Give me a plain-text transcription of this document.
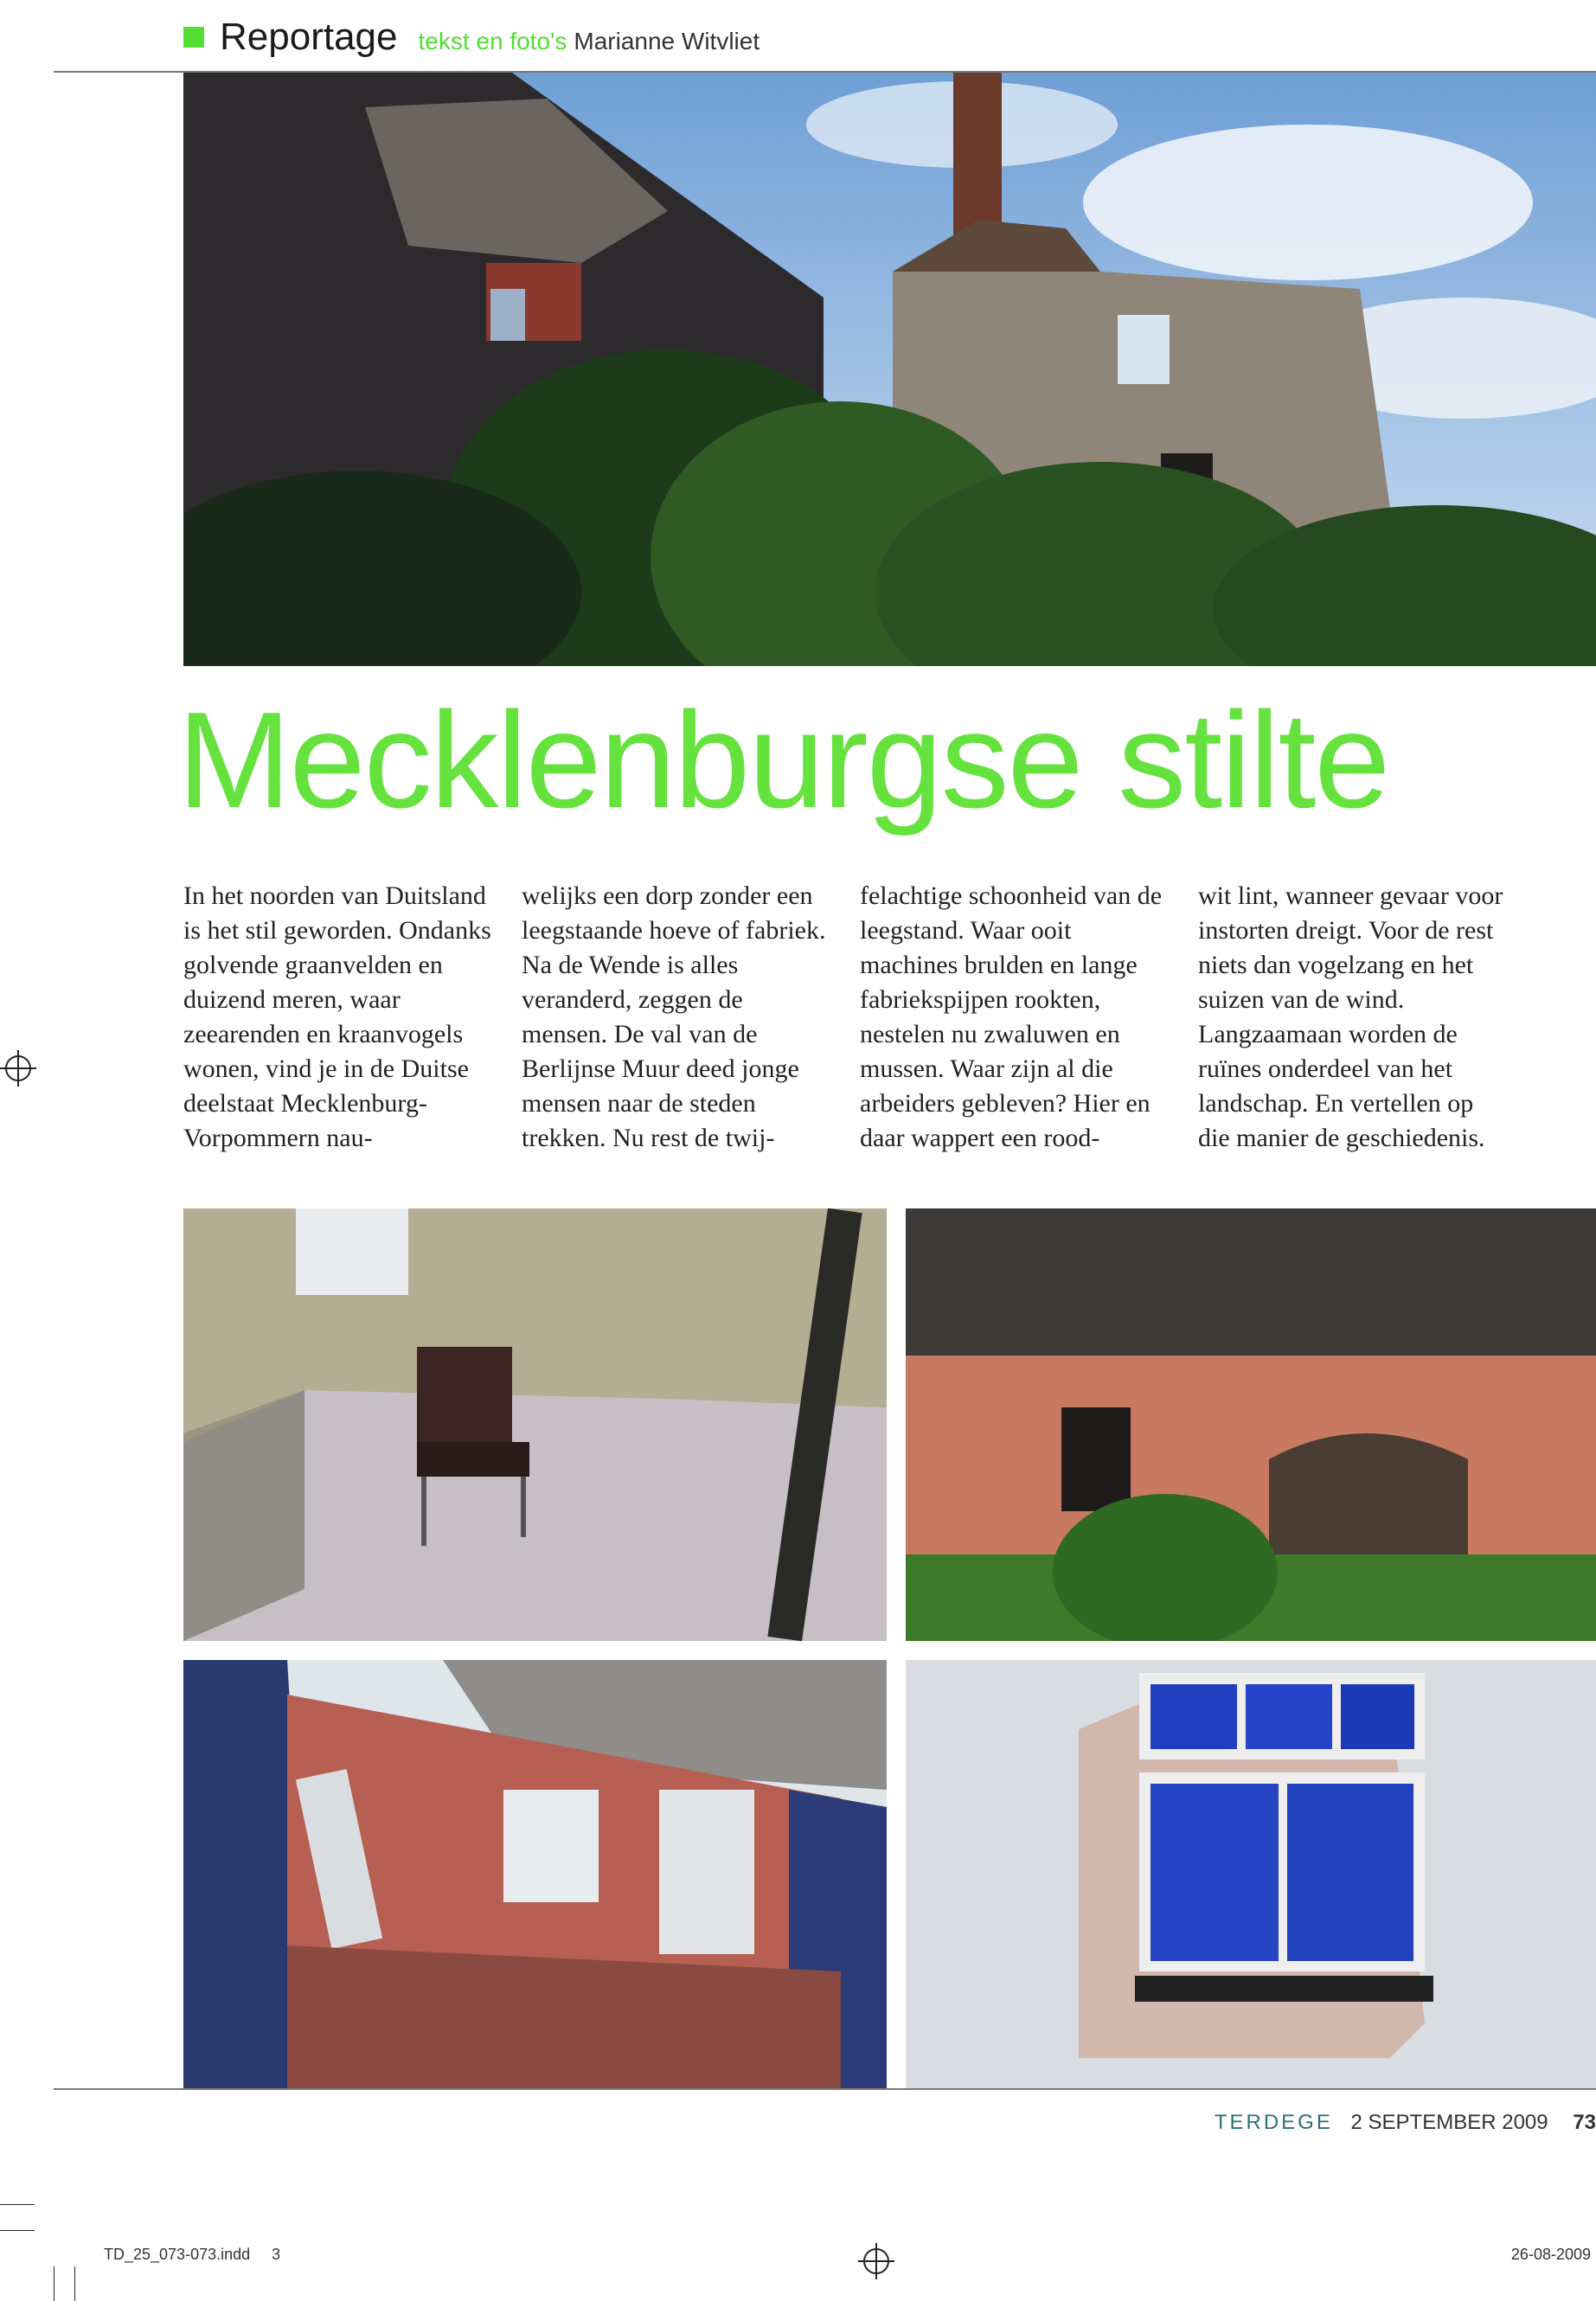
Reportage tekst en foto's Marianne Witvliet
Mecklenburgse stilte

In het noorden van Duitsland is het stil geworden. Ondanks golvende graanvelden en duizend meren, waar zeearenden en kraanvogels wonen, vind je in de Duitse deelstaat Mecklenburg-Vorpommern nau-

welijks een dorp zonder een leegstaande hoeve of fabriek. Na de Wende is alles veranderd, zeggen de mensen. De val van de Berlijnse Muur deed jonge mensen naar de steden trekken. Nu rest de twij-

felachtige schoonheid van de leegstand. Waar ooit machines brulden en lange fabriekspijpen rookten, nestelen nu zwaluwen en mussen. Waar zijn al die arbeiders gebleven? Hier en daar wappert een rood-

wit lint, wanneer gevaar voor instorten dreigt. Voor de rest niets dan vogelzang en het suizen van de wind. Langzaamaan worden de ruïnes onderdeel van het landschap. En vertellen op die manier de geschiedenis.

TERDEGE 2 SEPTEMBER 2009 73
TD_25_073-073.indd 3	26-08-2009
